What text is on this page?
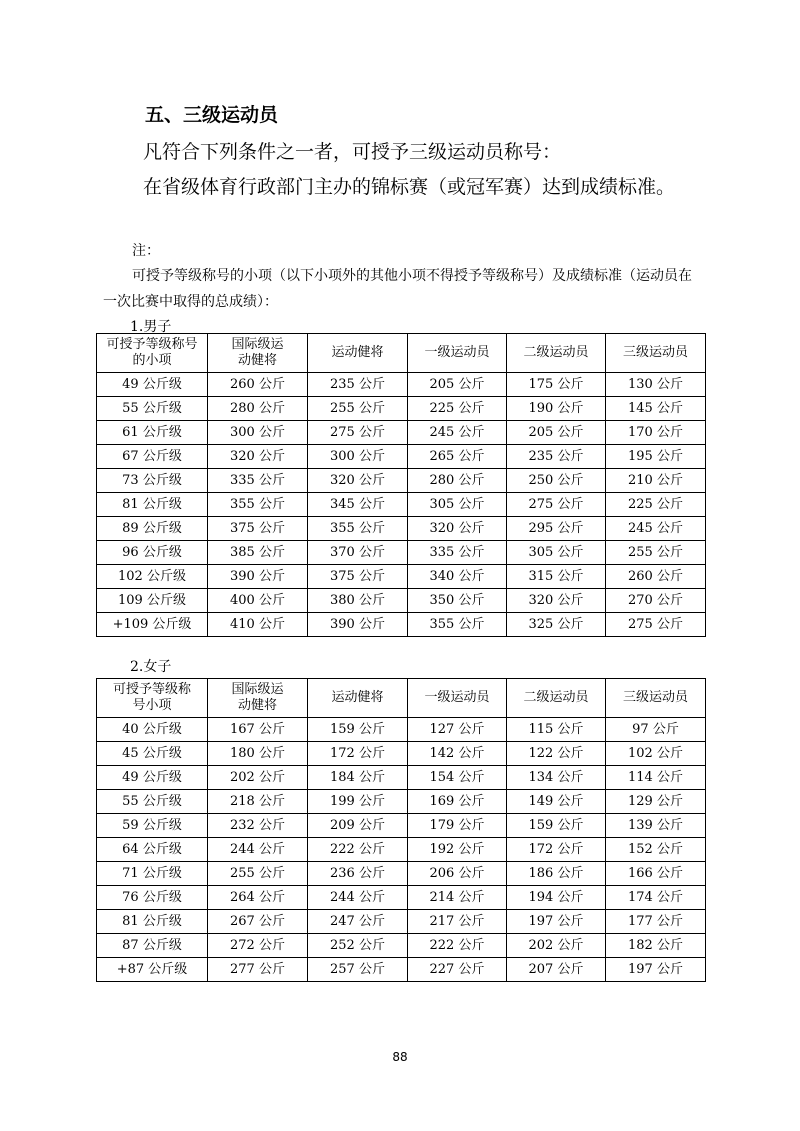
五、三级运动员
凡符合下列条件之一者，可授予三级运动员称号：
在省级体育行政部门主办的锦标赛（或冠军赛）达到成绩标准。
注：
可授予等级称号的小项（以下小项外的其他小项不得授予等级称号）及成绩标准（运动员在
一次比赛中取得的总成绩）：
1.男子
可授予等级称号的小项	国际级运动健将	运动健将	一级运动员	二级运动员	三级运动员
49 公斤级	260 公斤	235 公斤	205 公斤	175 公斤	130 公斤
55 公斤级	280 公斤	255 公斤	225 公斤	190 公斤	145 公斤
61 公斤级	300 公斤	275 公斤	245 公斤	205 公斤	170 公斤
67 公斤级	320 公斤	300 公斤	265 公斤	235 公斤	195 公斤
73 公斤级	335 公斤	320 公斤	280 公斤	250 公斤	210 公斤
81 公斤级	355 公斤	345 公斤	305 公斤	275 公斤	225 公斤
89 公斤级	375 公斤	355 公斤	320 公斤	295 公斤	245 公斤
96 公斤级	385 公斤	370 公斤	335 公斤	305 公斤	255 公斤
102 公斤级	390 公斤	375 公斤	340 公斤	315 公斤	260 公斤
109 公斤级	400 公斤	380 公斤	350 公斤	320 公斤	270 公斤
+109 公斤级	410 公斤	390 公斤	355 公斤	325 公斤	275 公斤
2.女子
可授予等级称号小项	国际级运动健将	运动健将	一级运动员	二级运动员	三级运动员
40 公斤级	167 公斤	159 公斤	127 公斤	115 公斤	97 公斤
45 公斤级	180 公斤	172 公斤	142 公斤	122 公斤	102 公斤
49 公斤级	202 公斤	184 公斤	154 公斤	134 公斤	114 公斤
55 公斤级	218 公斤	199 公斤	169 公斤	149 公斤	129 公斤
59 公斤级	232 公斤	209 公斤	179 公斤	159 公斤	139 公斤
64 公斤级	244 公斤	222 公斤	192 公斤	172 公斤	152 公斤
71 公斤级	255 公斤	236 公斤	206 公斤	186 公斤	166 公斤
76 公斤级	264 公斤	244 公斤	214 公斤	194 公斤	174 公斤
81 公斤级	267 公斤	247 公斤	217 公斤	197 公斤	177 公斤
87 公斤级	272 公斤	252 公斤	222 公斤	202 公斤	182 公斤
+87 公斤级	277 公斤	257 公斤	227 公斤	207 公斤	197 公斤
88
